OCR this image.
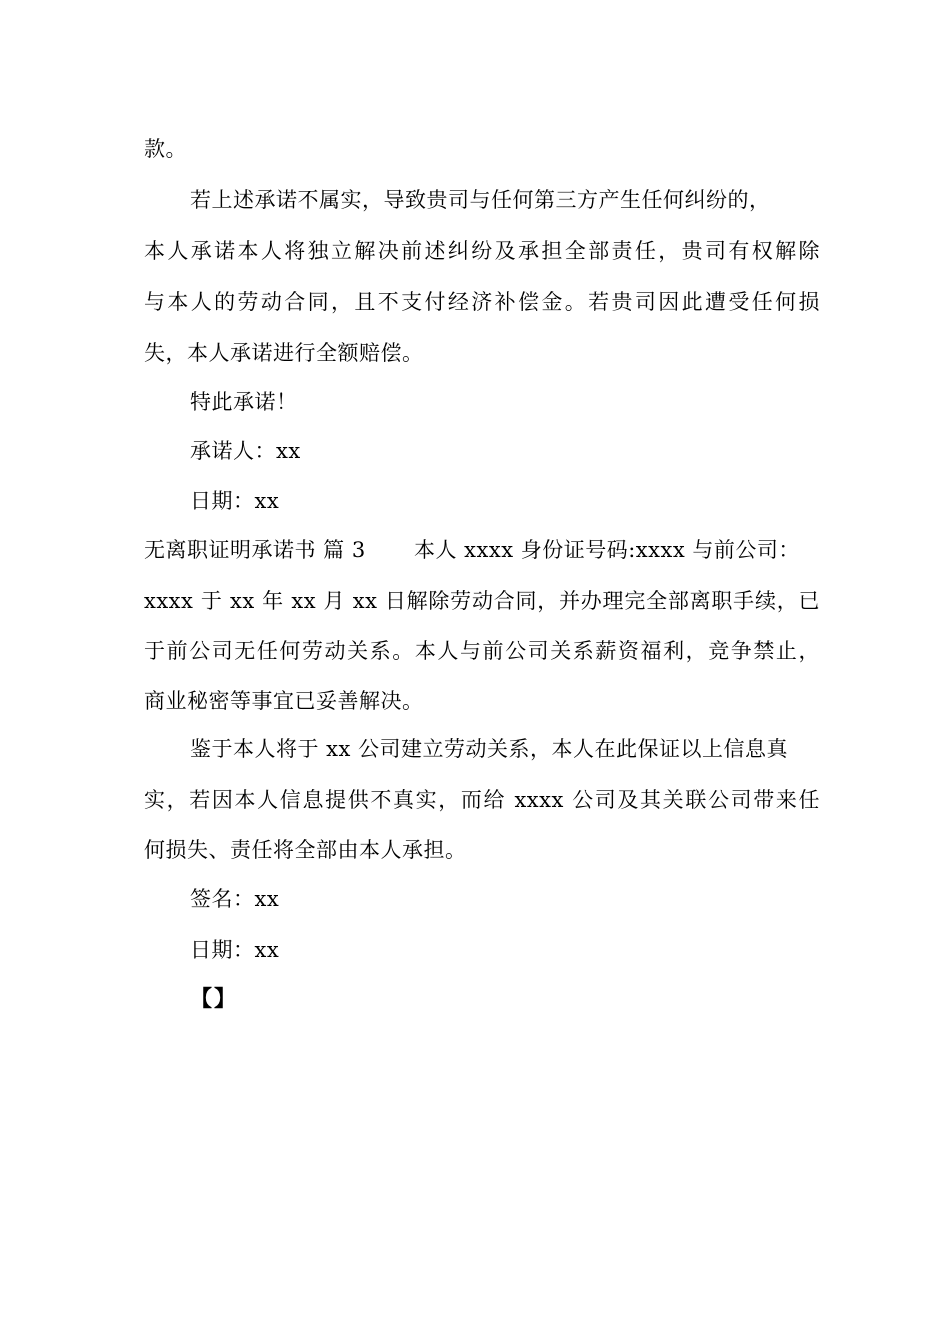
款。
若上述承诺不属实，导致贵司与任何第三方产生任何纠纷的，
本人承诺本人将独立解决前述纠纷及承担全部责任，贵司有权解除
与本人的劳动合同，且不支付经济补偿金。若贵司因此遭受任何损
失，本人承诺进行全额赔偿。
特此承诺！
承诺人：xx
日期：xx
无离职证明承诺书 篇 3	本人 xxxx 身份证号码:xxxx 与前公司：
xxxx 于 xx 年 xx 月 xx 日解除劳动合同，并办理完全部离职手续，已
于前公司无任何劳动关系。本人与前公司关系薪资福利，竞争禁止，
商业秘密等事宜已妥善解决。
鉴于本人将于 xx 公司建立劳动关系，本人在此保证以上信息真
实，若因本人信息提供不真实，而给 xxxx 公司及其关联公司带来任
何损失、责任将全部由本人承担。
签名：xx
日期：xx
【】
